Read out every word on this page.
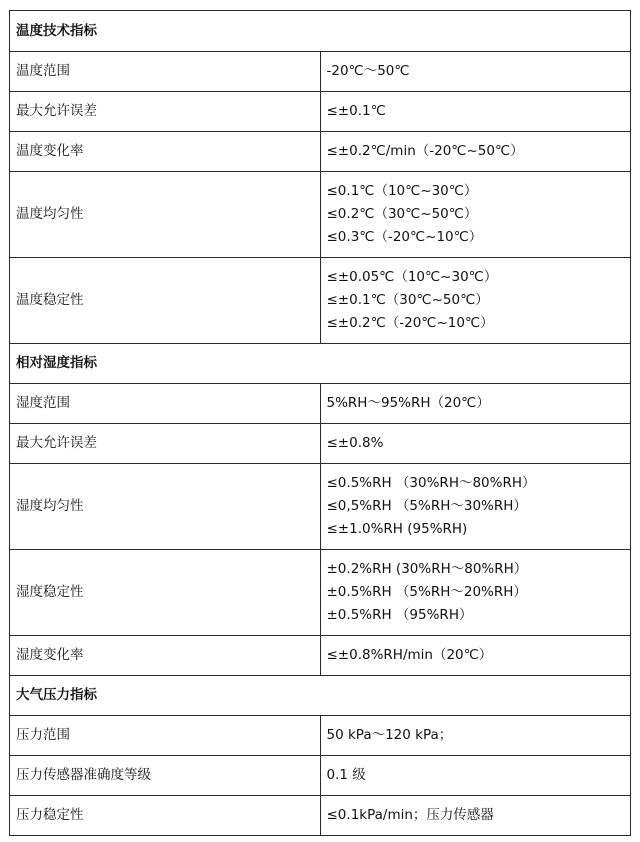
温度技术指标	
温度范围	-20℃～50℃

最大允许误差	≤±0.1℃

温度变化率	≤±0.2℃/min（-20℃~50℃）

温度均匀性	≤0.1℃（10℃~30℃）
≤0.2℃（30℃~50℃）
≤0.3℃（-20℃~10℃）

温度稳定性	≤±0.05℃（10℃~30℃）
≤±0.1℃（30℃~50℃）
≤±0.2℃（-20℃~10℃）

相对湿度指标	
湿度范围	5%RH～95%RH（20℃）

最大允许误差	≤±0.8%

湿度均匀性	≤0.5%RH （30%RH～80%RH）
≤0,5%RH （5%RH～30%RH）
≤±1.0%RH (95%RH)

湿度稳定性	±0.2%RH (30%RH～80%RH）
±0.5%RH （5%RH～20%RH）
±0.5%RH （95%RH）

湿度变化率	≤±0.8%RH/min（20℃）

大气压力指标	
压力范围	50 kPa～120 kPa；

压力传感器准确度等级	0.1 级

压力稳定性	≤0.1kPa/min；压力传感器
